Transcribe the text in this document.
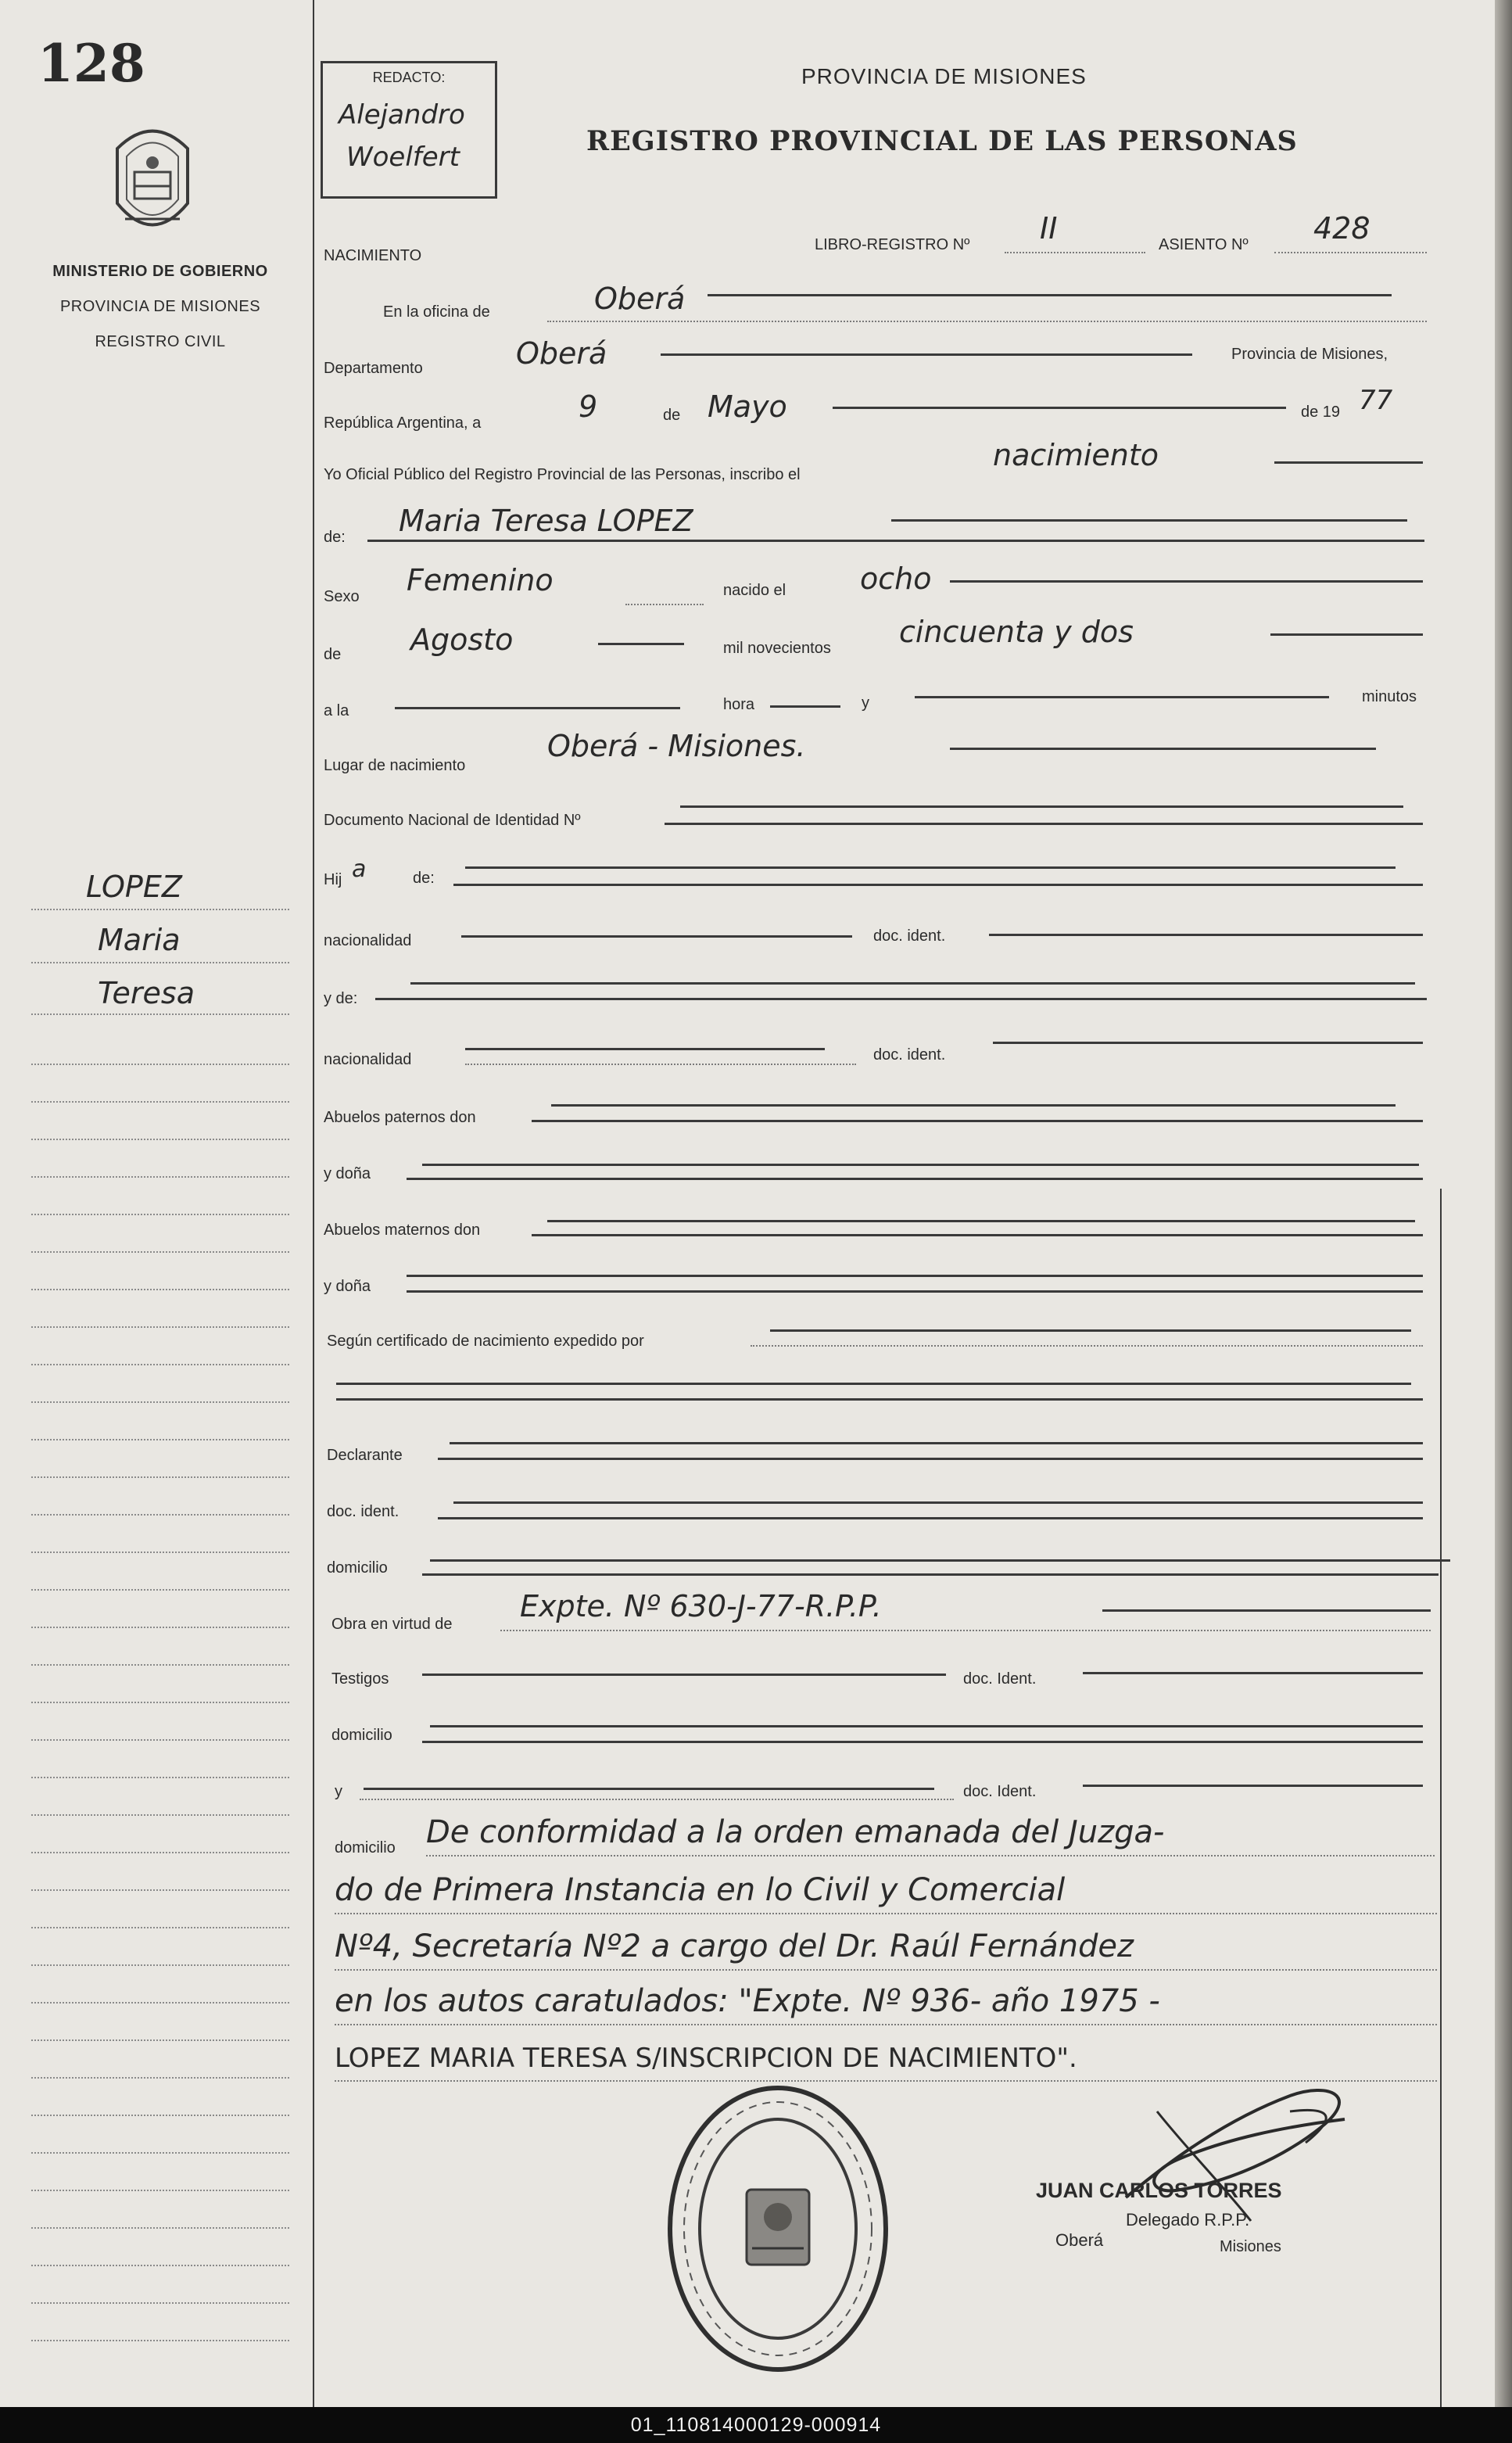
128
MINISTERIO DE GOBIERNO
PROVINCIA DE MISIONES
REGISTRO CIVIL
REDACTO:
Alejandro
Woelfert
PROVINCIA DE MISIONES
REGISTRO PROVINCIAL DE LAS PERSONAS
LOPEZ
Maria
Teresa
NACIMIENTO
LIBRO-REGISTRO Nº II	ASIENTO Nº 428
En la oficina de	Oberá
Departamento	Oberá	Provincia de Misiones,
República Argentina, a	9	de Mayo	de 19 77
Yo Oficial Público del Registro Provincial de las Personas, inscribo el
nacimiento
de: Maria Teresa LOPEZ
Sexo Femenino	nacido el ocho
de Agosto	mil novecientos cincuenta y dos
a la	hora	y	minutos
Lugar de nacimiento
Oberá - Misiones.
Documento Nacional de Identidad Nº
Hij a	de:
nacionalidad	doc. ident.
y de:
nacionalidad	doc. ident.
Abuelos paternos don
y doña
Abuelos maternos don
y doña
Según certificado de nacimiento expedido por
Declarante
doc. ident.
domicilio
Obra en virtud de
Expte. Nº 630-J-77-R.P.P.
Testigos	doc. Ident.
domicilio
y	doc. Ident.
domicilio De conformidad a la orden emanada del Juzga-
do de Primera Instancia en lo Civil y Comercial
Nº4, Secretaría Nº2 a cargo del Dr. Raúl Fernández
en los autos caratulados: "Expte. Nº 936- año 1975 -
LOPEZ MARIA TERESA S/INSCRIPCION DE NACIMIENTO".
JUAN CARLOS TORRES
Delegado R.P.P.
Oberá	Misiones
01_110814000129-000914
